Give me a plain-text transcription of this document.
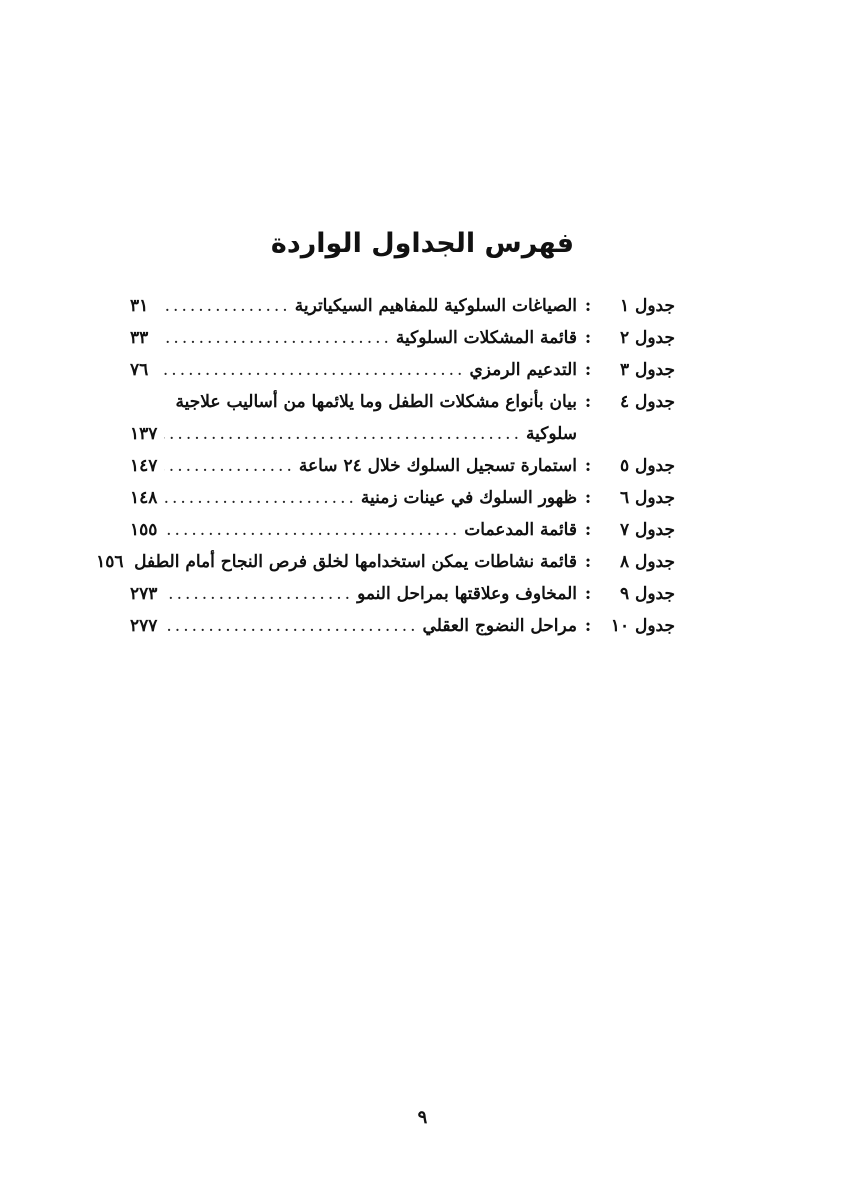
فهرس الجداول الواردة
جدول ١
:
الصياغات السلوكية للمفاهيم السيكياترية
.....
٣١
جدول ٢
:
قائمة المشكلات السلوكية
.....
٣٣
جدول ٣
:
التدعيم الرمزي
.....
٧٦
جدول ٤
:
بيان بأنواع مشكلات الطفل وما يلائمها من أساليب علاجية
سلوكية
.....
١٣٧
جدول ٥
:
استمارة تسجيل السلوك خلال ٢٤ ساعة
.....
١٤٧
جدول ٦
:
ظهور السلوك في عينات زمنية
.....
١٤٨
جدول ٧
:
قائمة المدعمات
.....
١٥٥
جدول ٨
:
قائمة نشاطات يمكن استخدامها لخلق فرص النجاح أمام الطفل
١٥٦
جدول ٩
:
المخاوف وعلاقتها بمراحل النمو
.....
٢٧٣
جدول ١٠
:
مراحل النضوج العقلي
.....
٢٧٧
٩
